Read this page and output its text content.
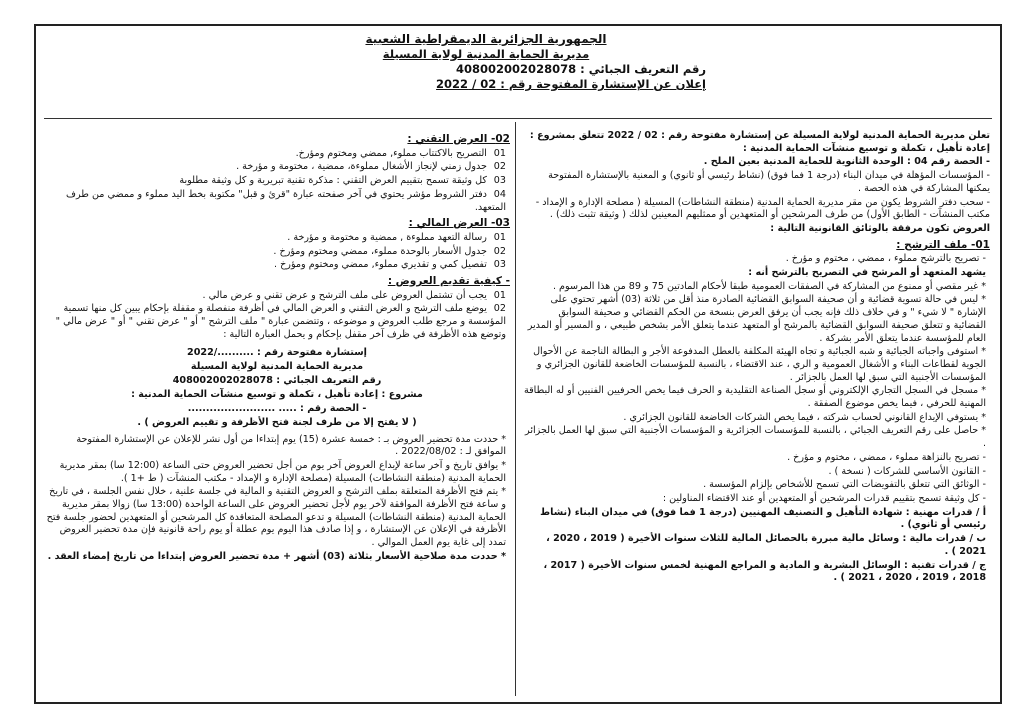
الجمهورية الجزائرية الديمقراطية الشعبية
مديرية الحماية المدنية لولاية المسيلة
رقم التعريف الجبائي : 408002002028078
إعلان عن الإستشارة المفتوحة رقم : 02 / 2022

تعلن مديرية الحماية المدنية لولاية المسيلة عن إستشارة مفتوحة رقم : 02 / 2022 تتعلق بمشروع : إعادة تأهيل ، تكملة و توسيع منشآت الحماية المدنية :

- الحصة رقم 04 : الوحدة الثانوية للحماية المدنية بعين الملح .

- المؤسسات المؤهلة في ميدان البناء (درجة 1 فما فوق) (نشاط رئيسي أو ثانوي) و المعنية بالإستشارة المفتوحة يمكنها المشاركة في هذه الحصة .

- سحب دفتر الشروط يكون من مقر مديرية الحماية المدنية (منطقة النشاطات) المسيلة ( مصلحة الإدارة و الإمداد - مكتب المنشآت - الطابق الأول) من طرف المرشحين أو المتعهدين أو ممثليهم المعينين لذلك ( وثيقة تثبت ذلك) .

العروض تكون مرفقة بالوثائق القانونية التالية :

01- ملف الترشح :

- تصريح بالترشح مملوء ، ممضي ، مختوم و مؤرخ .

يشهد المتعهد أو المرشح في التصريح بالترشح أنه :

* غير مقصي أو ممنوع من المشاركة في الصفقات العمومية طبقا لأحكام المادتين 75 و 89 من هذا المرسوم .

* ليس في حالة تسوية قضائية و أن صحيفة السوابق القضائية الصادرة منذ أقل من ثلاثة (03) أشهر تحتوي على الإشارة " لا شيء " و في خلاف ذلك فإنه يجب أن يرفق العرض بنسخة من الحكم القضائي و صحيفة السوابق القضائية و تتعلق صحيفة السوابق القضائية بالمرشح أو المتعهد عندما يتعلق الأمر بشخص طبيعي ، و المسير أو المدير العام للمؤسسة عندما يتعلق الأمر بشركة .

* استوفى واجباته الجبائية و شبه الجبائية و تجاه الهيئة المكلفة بالعطل المدفوعة الأجر و البطالة الناجمة عن الأحوال الجوية لقطاعات البناء و الأشغال العمومية و الري ، عند الاقتضاء ، بالنسبة للمؤسسات الخاضعة للقانون الجزائري و المؤسسات الأجنبية التي سبق لها العمل بالجزائر .

* مسجل في السجل التجاري الإلكتروني أو سجل الصناعة التقليدية و الحرف فيما يخص الحرفيين الفنيين أو له البطاقة المهنية للحرفي ، فيما يخص موضوع الصفقة .

* يستوفي الإيداع القانوني لحساب شركته ، فيما يخص الشركات الخاضعة للقانون الجزائري .

* حاصل على رقم التعريف الجبائي ، بالنسبة للمؤسسات الجزائرية و المؤسسات الأجنبية التي سبق لها العمل بالجزائر .

- تصريح بالنزاهة مملوء ، ممضي ، مختوم و مؤرخ .

- القانون الأساسي للشركات ( نسخة ) .

- الوثائق التي تتعلق بالتفويضات التي تسمح للأشخاص بإلزام المؤسسة .

- كل وثيقة تسمح بتقييم قدرات المرشحين أو المتعهدين أو عند الاقتضاء المناولين :

أ / قدرات مهنية : شهادة التأهيل و التصنيف المهنيين (درجة 1 فما فوق) في ميدان البناء (نشاط رئيسي أو ثانوي) .

ب / قدرات مالية : وسائل مالية مبررة بالحصائل المالية للثلاث سنوات الأخيرة ( 2019 ، 2020 ، 2021 ) .

ج / قدرات تقنية : الوسائل البشرية و المادية و المراجع المهنية لخمس سنوات الأخيرة ( 2017 ، 2018 ، 2019 ، 2020 ، 2021 ) .

02- العرض التقني :

01 التصريح بالاكتتاب مملوء, ممضي ومختوم ومؤرخ.

02 جدول زمني لإنجاز الأشغال مملوءة، ممضية ، مختومة و مؤرخة .

03 كل وثيقة تسمح بتقييم العرض التقني : مذكرة تقنية تبريرية و كل وثيقة مطلوبة

04 دفتر الشروط مؤشر يحتوي في آخر صفحته عبارة "قرئ و قبل" مكتوبة بخط اليد مملوء و ممضي من طرف المتعهد.

03- العرض المالي :

01 رسالة التعهد مملوءة , ممضية و مختومة و مؤرخة .

02 جدول الأسعار بالوحدة مملوء، ممضي ومختوم ومؤرخ .

03 تفصيل كمي و تقديري مملوء, ممضي ومختوم ومؤرخ .

- كيفية تقديم العروض :

01 يجب أن تشتمل العروض على ملف الترشح و عرض تقني و عرض مالي .

02 يوضع ملف الترشح و العرض التقني و العرض المالي في أظرفة منفصلة و مقفلة بإحكام يبين كل منها تسمية المؤسسة و مرجع طلب العروض و موضوعه ، وتتضمن عبارة " ملف الترشح " أو " عرض تقني " أو " عرض مالي " وتوضع هذه الأظرفة في ظرف آخر مقفل بإحكام و يحمل العبارة التالية :

إستشارة مفتوحة رقم : ........../2022
مديرية الحماية المدنية لولاية المسيلة
رقم التعريف الجبائي : 408002002028078
مشروع : إعادة تأهيل ، تكملة و توسيع منشآت الحماية المدنية :
- الحصة رقم : ..... ........................
( لا يفتح إلا من طرف لجنة فتح الأظرفة و تقييم العروض ) .

* حددت مدة تحضير العروض بـ : خمسة عشرة (15) يوم إبتداءا من أول نشر للإعلان عن الإستشارة المفتوحة الموافق لـ : 2022/08/02 .

* يوافق تاريخ و آخر ساعة لإيداع العروض آخر يوم من أجل تحضير العروض حتى الساعة (12:00 سا) بمقر مديرية الحماية المدنية (منطقة النشاطات) المسيلة (مصلحة الإدارة و الإمداد - مكتب المنشآت ( ط +1 ).

* يتم فتح الأظرفة المتعلقة بملف الترشح و العروض التقنية و المالية في جلسة علنية ، خلال نفس الجلسة ، في تاريخ و ساعة فتح الأظرفة الموافقة لآخر يوم لأجل تحضير العروض على الساعة الواحدة (13:00 سا) زوالا بمقر مديرية الحماية المدنية (منطقة النشاطات) المسيلة و تدعو المصلحة المتعاقدة كل المرشحين أو المتعهدين لحضور جلسة فتح الأظرفة في الإعلان عن الإستشارة ، و إذا صادف هذا اليوم يوم عطلة أو يوم راحة قانونية فإن مدة تحضير العروض تمدد إلى غاية يوم العمل الموالي .

* حددت مدة صلاحية الأسعار بثلاثة (03) أشهر + مدة تحضير العروض إبتداءا من تاريخ إمضاء العقد .
